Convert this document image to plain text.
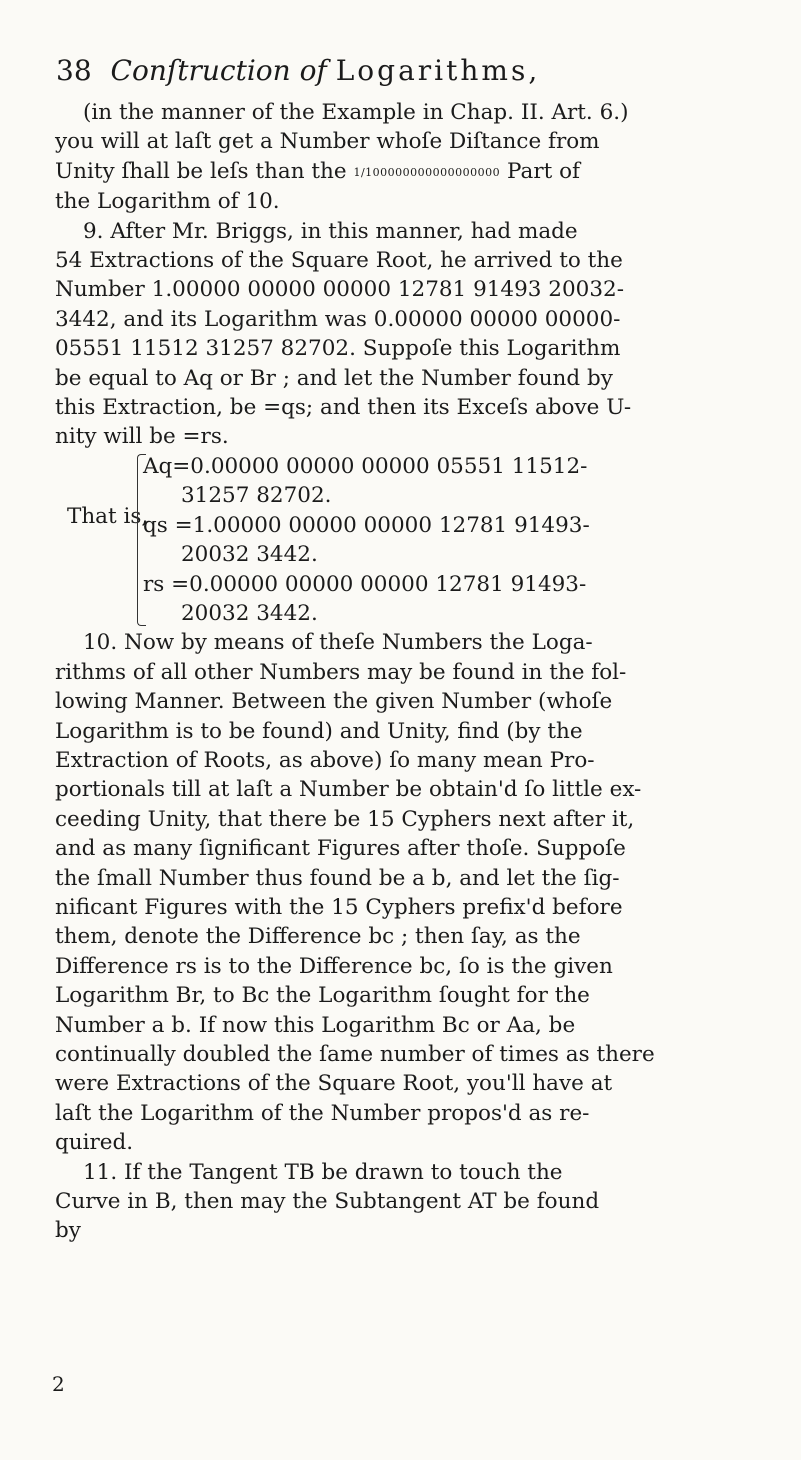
38 Conſtruction of Logarithms,

(in the manner of the Example in Chap. II. Art. 6.)
you will at laſt get a Number whoſe Diſtance from
Unity ſhall be leſs than the 1/100000000000000000 Part of
the Logarithm of 10.

9. After Mr. Briggs, in this manner, had made
54 Extractions of the Square Root, he arrived to the
Number 1.00000 00000 00000 12781 91493 20032-
3442, and its Logarithm was 0.00000 00000 00000-
05551 11512 31257 82702. Suppoſe this Logarithm
be equal to Aq or Br ; and let the Number found by
this Extraction, be =qs; and then its Exceſs above U-
nity will be =rs.

That is,
Aq=0.00000 00000 00000 05551 11512-
31257 82702.
qs =1.00000 00000 00000 12781 91493-
20032 3442.
rs =0.00000 00000 00000 12781 91493-
20032 3442.

10. Now by means of theſe Numbers the Loga-
rithms of all other Numbers may be found in the fol-
lowing Manner. Between the given Number (whoſe
Logarithm is to be found) and Unity, find (by the
Extraction of Roots, as above) ſo many mean Pro-
portionals till at laſt a Number be obtain'd ſo little ex-
ceeding Unity, that there be 15 Cyphers next after it,
and as many ſignificant Figures after thoſe. Suppoſe
the ſmall Number thus found be a b, and let the ſig-
nificant Figures with the 15 Cyphers prefix'd before
them, denote the Difference bc ; then ſay, as the
Difference rs is to the Difference bc, ſo is the given
Logarithm Br, to Bc the Logarithm ſought for the
Number a b. If now this Logarithm Bc or Aa, be
continually doubled the ſame number of times as there
were Extractions of the Square Root, you'll have at
laſt the Logarithm of the Number propos'd as re-
quired.

11. If the Tangent TB be drawn to touch the
Curve in B, then may the Subtangent AT be found
by

2
